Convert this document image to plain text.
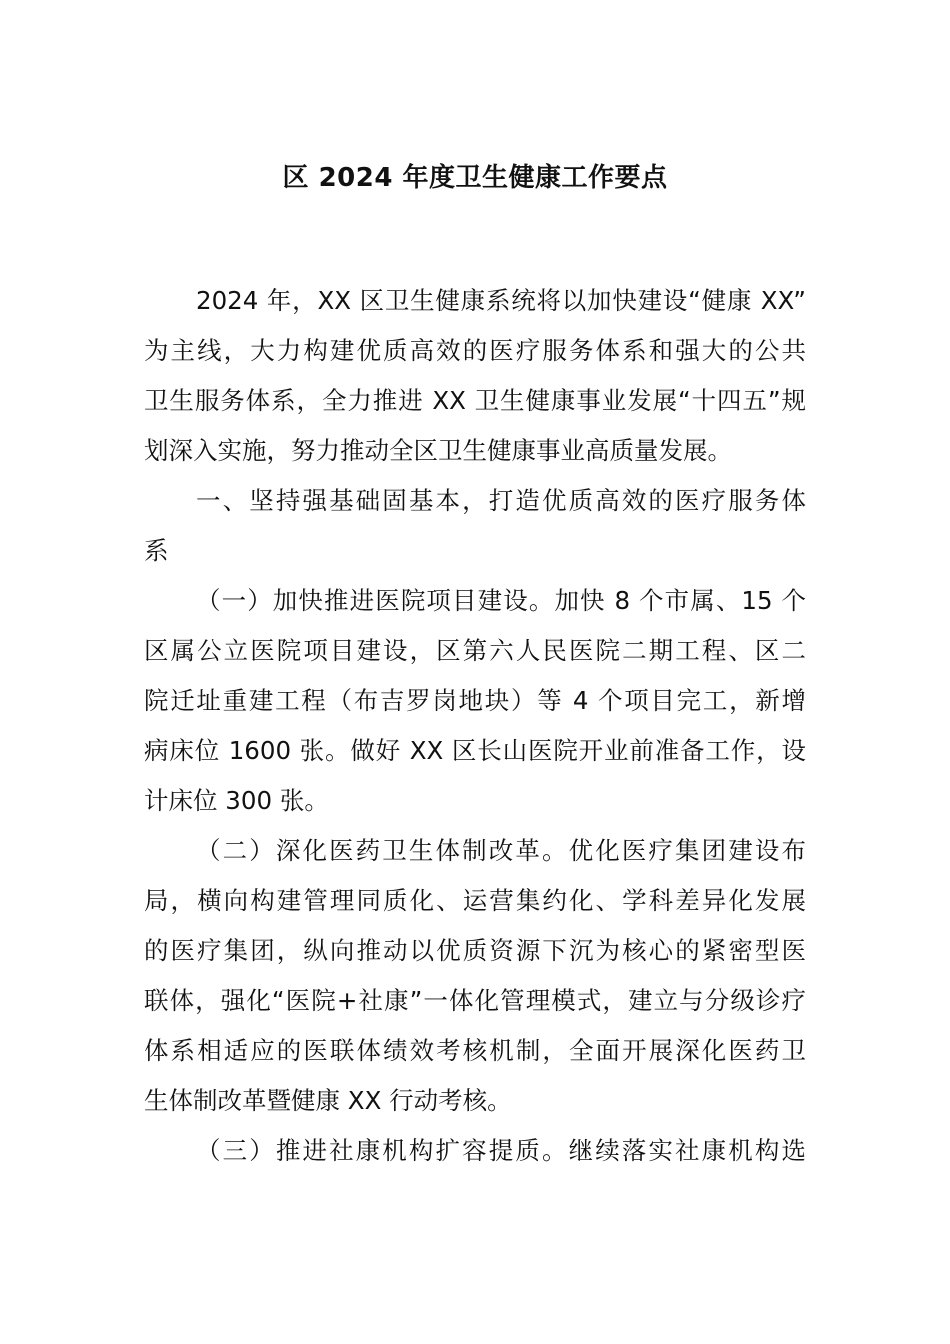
区 2024 年度卫生健康工作要点
2024 年，XX 区卫生健康系统将以加快建设“健康 XX”
为主线，大力构建优质高效的医疗服务体系和强大的公共
卫生服务体系，全力推进 XX 卫生健康事业发展“十四五”规
划深入实施，努力推动全区卫生健康事业高质量发展。
一、坚持强基础固基本，打造优质高效的医疗服务体
系
（一）加快推进医院项目建设。加快 8 个市属、15 个
区属公立医院项目建设，区第六人民医院二期工程、区二
院迁址重建工程（布吉罗岗地块）等 4 个项目完工，新增
病床位 1600 张。做好 XX 区长山医院开业前准备工作，设
计床位 300 张。
（二）深化医药卫生体制改革。优化医疗集团建设布
局，横向构建管理同质化、运营集约化、学科差异化发展
的医疗集团，纵向推动以优质资源下沉为核心的紧密型医
联体，强化“医院+社康”一体化管理模式，建立与分级诊疗
体系相适应的医联体绩效考核机制，全面开展深化医药卫
生体制改革暨健康 XX 行动考核。
（三）推进社康机构扩容提质。继续落实社康机构选
